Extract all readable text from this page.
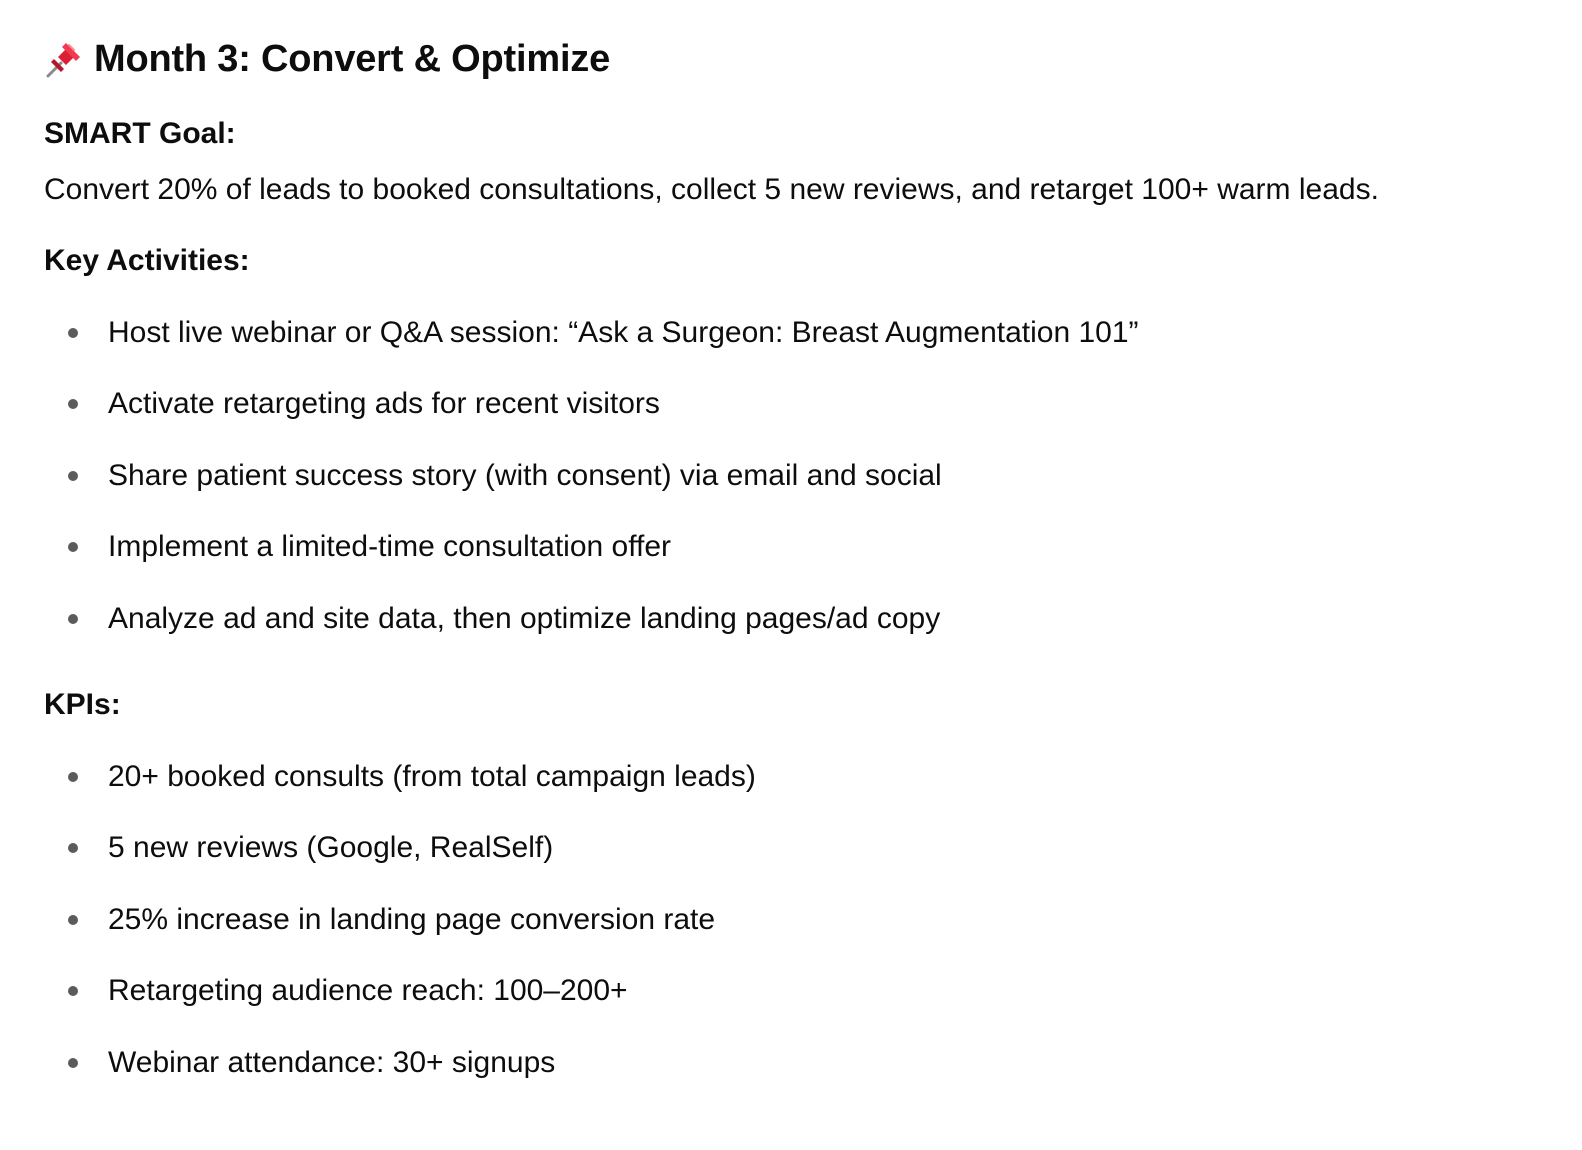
Month 3: Convert & Optimize

SMART Goal:

Convert 20% of leads to booked consultations, collect 5 new reviews, and retarget 100+ warm leads.

Key Activities:

Host live webinar or Q&A session: “Ask a Surgeon: Breast Augmentation 101”
Activate retargeting ads for recent visitors
Share patient success story (with consent) via email and social
Implement a limited-time consultation offer
Analyze ad and site data, then optimize landing pages/ad copy

KPIs:

20+ booked consults (from total campaign leads)
5 new reviews (Google, RealSelf)
25% increase in landing page conversion rate
Retargeting audience reach: 100–200+
Webinar attendance: 30+ signups
